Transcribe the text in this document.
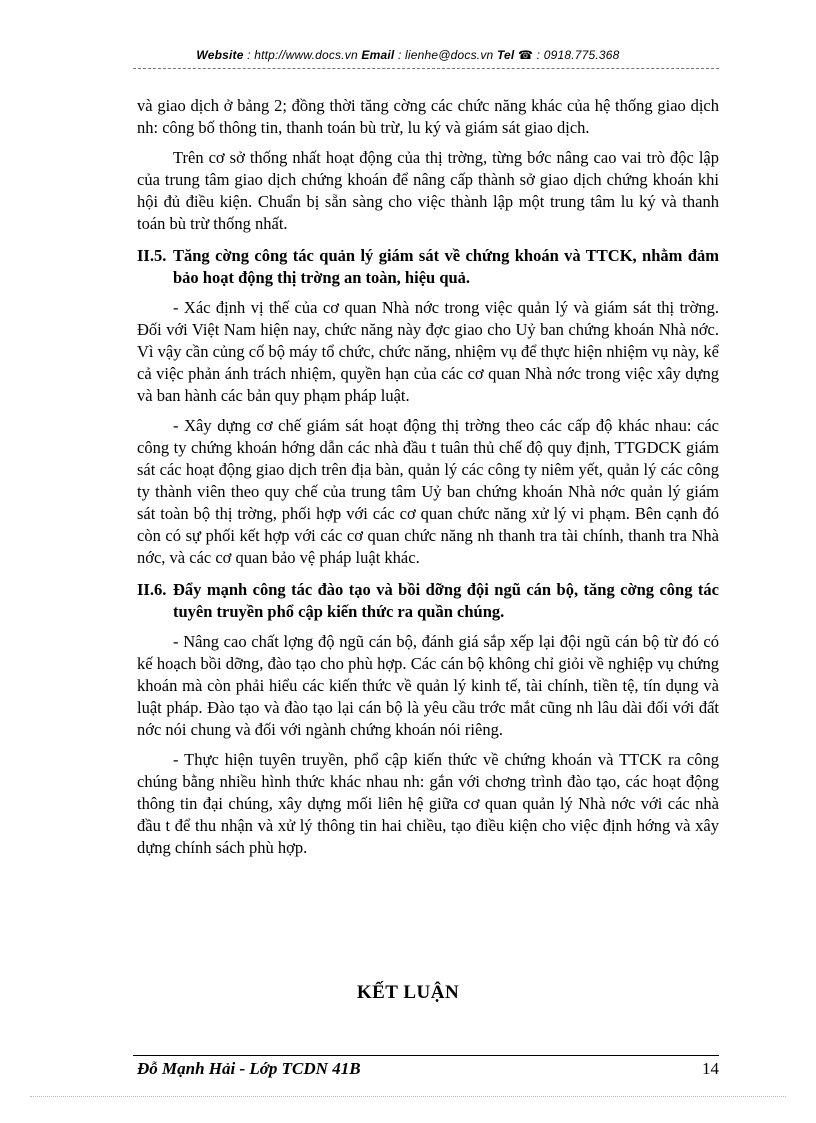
Website : http://www.docs.vn Email : lienhe@docs.vn Tel ☎ : 0918.775.368

và giao dịch ở bảng 2; đồng thời tăng cờng các chức năng khác của hệ thống giao dịch nh: công bố thông tin, thanh toán bù trừ, lu ký và giám sát giao dịch.

Trên cơ sở thống nhất hoạt động của thị trờng, từng bớc nâng cao vai trò độc lập của trung tâm giao dịch chứng khoán để nâng cấp thành sở giao dịch chứng khoán khi hội đủ điều kiện. Chuẩn bị sẵn sàng cho việc thành lập một trung tâm lu ký và thanh toán bù trừ thống nhất.

II.5. Tăng cờng công tác quản lý giám sát về chứng khoán và TTCK, nhằm đảm bảo hoạt động thị trờng an toàn, hiệu quả.

- Xác định vị thế của cơ quan Nhà nớc trong việc quản lý và giám sát thị trờng. Đối với Việt Nam hiện nay, chức năng này đợc giao cho Uỷ ban chứng khoán Nhà nớc. Vì vậy cần củng cố bộ máy tổ chức, chức năng, nhiệm vụ để thực hiện nhiệm vụ này, kể cả việc phản ánh trách nhiệm, quyền hạn của các cơ quan Nhà nớc trong việc xây dựng và ban hành các bản quy phạm pháp luật.

- Xây dựng cơ chế giám sát hoạt động thị trờng theo các cấp độ khác nhau: các công ty chứng khoán hớng dẫn các nhà đầu t tuân thủ chế độ quy định, TTGDCK giám sát các hoạt động giao dịch trên địa bàn, quản lý các công ty niêm yết, quản lý các công ty thành viên theo quy chế của trung tâm Uỷ ban chứng khoán Nhà nớc quản lý giám sát toàn bộ thị trờng, phối hợp với các cơ quan chức năng xử lý vi phạm. Bên cạnh đó còn có sự phối kết hợp với các cơ quan chức năng nh thanh tra tài chính, thanh tra Nhà nớc, và các cơ quan bảo vệ pháp luật khác.

II.6. Đẩy mạnh công tác đào tạo và bồi dỡng đội ngũ cán bộ, tăng cờng công tác tuyên truyền phổ cập kiến thức ra quần chúng.

- Nâng cao chất lợng độ ngũ cán bộ, đánh giá sắp xếp lại đội ngũ cán bộ từ đó có kế hoạch bồi dỡng, đào tạo cho phù hợp. Các cán bộ không chỉ giỏi về nghiệp vụ chứng khoán mà còn phải hiểu các kiến thức về quản lý kinh tế, tài chính, tiền tệ, tín dụng và luật pháp. Đào tạo và đào tạo lại cán bộ là yêu cầu trớc mắt cũng nh lâu dài đối với đất nớc nói chung và đối với ngành chứng khoán nói riêng.

- Thực hiện tuyên truyền, phổ cập kiến thức về chứng khoán và TTCK ra công chúng bằng nhiều hình thức khác nhau nh: gắn với chơng trình đào tạo, các hoạt động thông tin đại chúng, xây dựng mối liên hệ giữa cơ quan quản lý Nhà nớc với các nhà đầu t để thu nhận và xử lý thông tin hai chiều, tạo điều kiện cho việc định hớng và xây dựng chính sách phù hợp.

KẾT LUẬN
Đỗ Mạnh Hải - Lớp TCDN 41B	14
